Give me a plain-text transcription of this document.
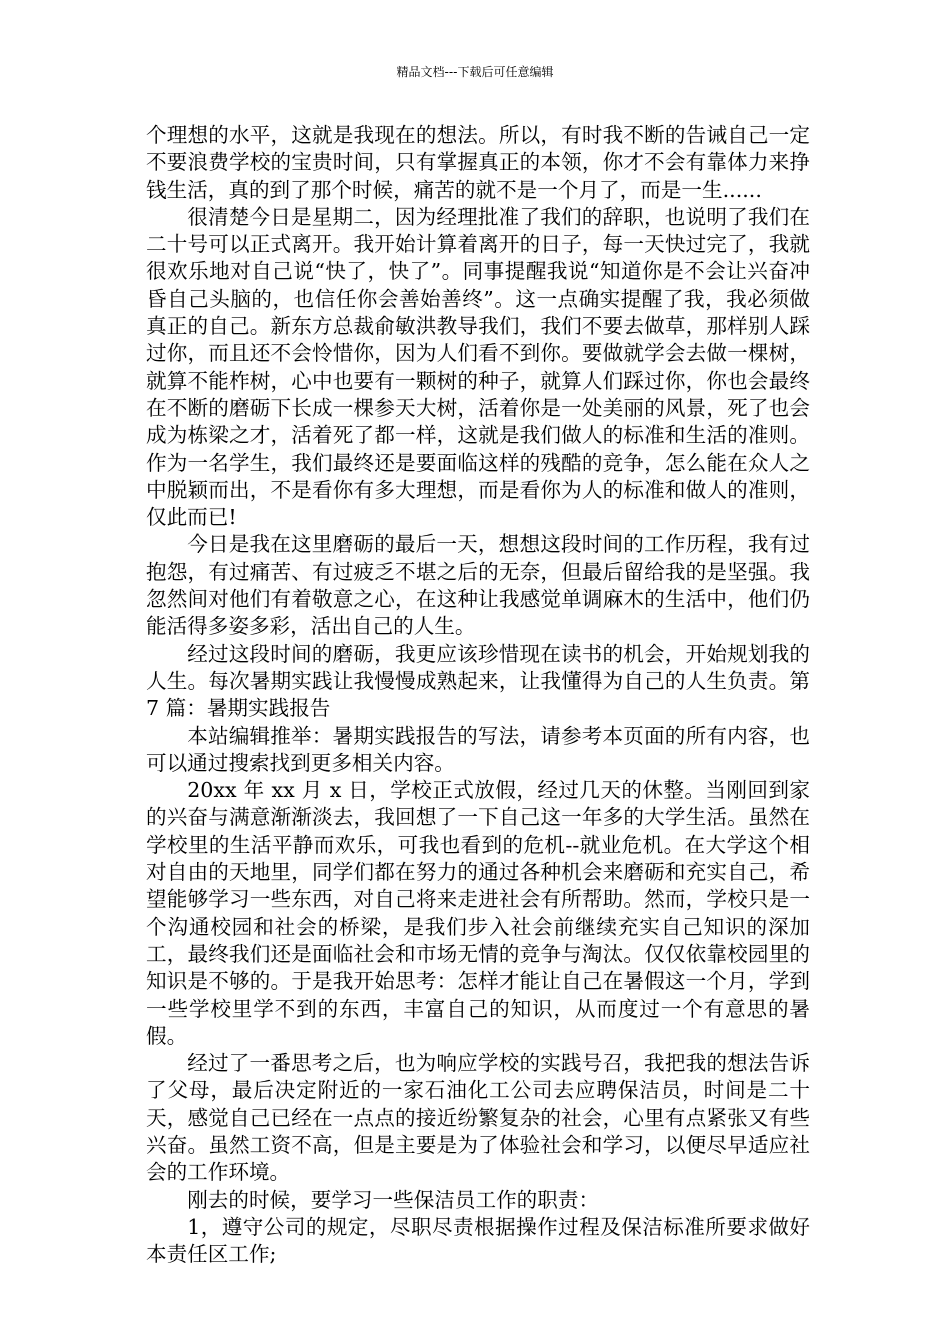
精品文档---下载后可任意编辑

个理想的水平，这就是我现在的想法。所以，有时我不断的告诫自己一定不要浪费学校的宝贵时间，只有掌握真正的本领，你才不会有靠体力来挣钱生活，真的到了那个时候，痛苦的就不是一个月了，而是一生......

很清楚今日是星期二，因为经理批准了我们的辞职，也说明了我们在二十号可以正式离开。我开始计算着离开的日子，每一天快过完了，我就很欢乐地对自己说“快了，快了”。同事提醒我说“知道你是不会让兴奋冲昏自己头脑的，也信任你会善始善终”。这一点确实提醒了我，我必须做真正的自己。新东方总裁俞敏洪教导我们，我们不要去做草，那样别人踩过你，而且还不会怜惜你，因为人们看不到你。要做就学会去做一棵树，就算不能柞树，心中也要有一颗树的种子，就算人们踩过你，你也会最终在不断的磨砺下长成一棵参天大树，活着你是一处美丽的风景，死了也会成为栋梁之才，活着死了都一样，这就是我们做人的标准和生活的准则。作为一名学生，我们最终还是要面临这样的残酷的竞争，怎么能在众人之中脱颖而出，不是看你有多大理想，而是看你为人的标准和做人的准则，仅此而已!

今日是我在这里磨砺的最后一天，想想这段时间的工作历程，我有过抱怨，有过痛苦、有过疲乏不堪之后的无奈，但最后留给我的是坚强。我忽然间对他们有着敬意之心，在这种让我感觉单调麻木的生活中，他们仍能活得多姿多彩，活出自己的人生。

经过这段时间的磨砺，我更应该珍惜现在读书的机会，开始规划我的人生。每次暑期实践让我慢慢成熟起来，让我懂得为自己的人生负责。第 7 篇：暑期实践报告

本站编辑推举：暑期实践报告的写法，请参考本页面的所有内容，也可以通过搜索找到更多相关内容。

20xx 年 xx 月 x 日，学校正式放假，经过几天的休整。当刚回到家的兴奋与满意渐渐淡去，我回想了一下自己这一年多的大学生活。虽然在学校里的生活平静而欢乐，可我也看到的危机--就业危机。在大学这个相对自由的天地里，同学们都在努力的通过各种机会来磨砺和充实自己，希望能够学习一些东西，对自己将来走进社会有所帮助。然而，学校只是一个沟通校园和社会的桥梁，是我们步入社会前继续充实自己知识的深加工，最终我们还是面临社会和市场无情的竞争与淘汰。仅仅依靠校园里的知识是不够的。于是我开始思考：怎样才能让自己在暑假这一个月，学到一些学校里学不到的东西，丰富自己的知识，从而度过一个有意思的暑假。

经过了一番思考之后，也为响应学校的实践号召，我把我的想法告诉了父母，最后决定附近的一家石油化工公司去应聘保洁员，时间是二十天，感觉自己已经在一点点的接近纷繁复杂的社会，心里有点紧张又有些兴奋。虽然工资不高，但是主要是为了体验社会和学习，以便尽早适应社会的工作环境。

刚去的时候，要学习一些保洁员工作的职责：

1，遵守公司的规定，尽职尽责根据操作过程及保洁标准所要求做好本责任区工作;
